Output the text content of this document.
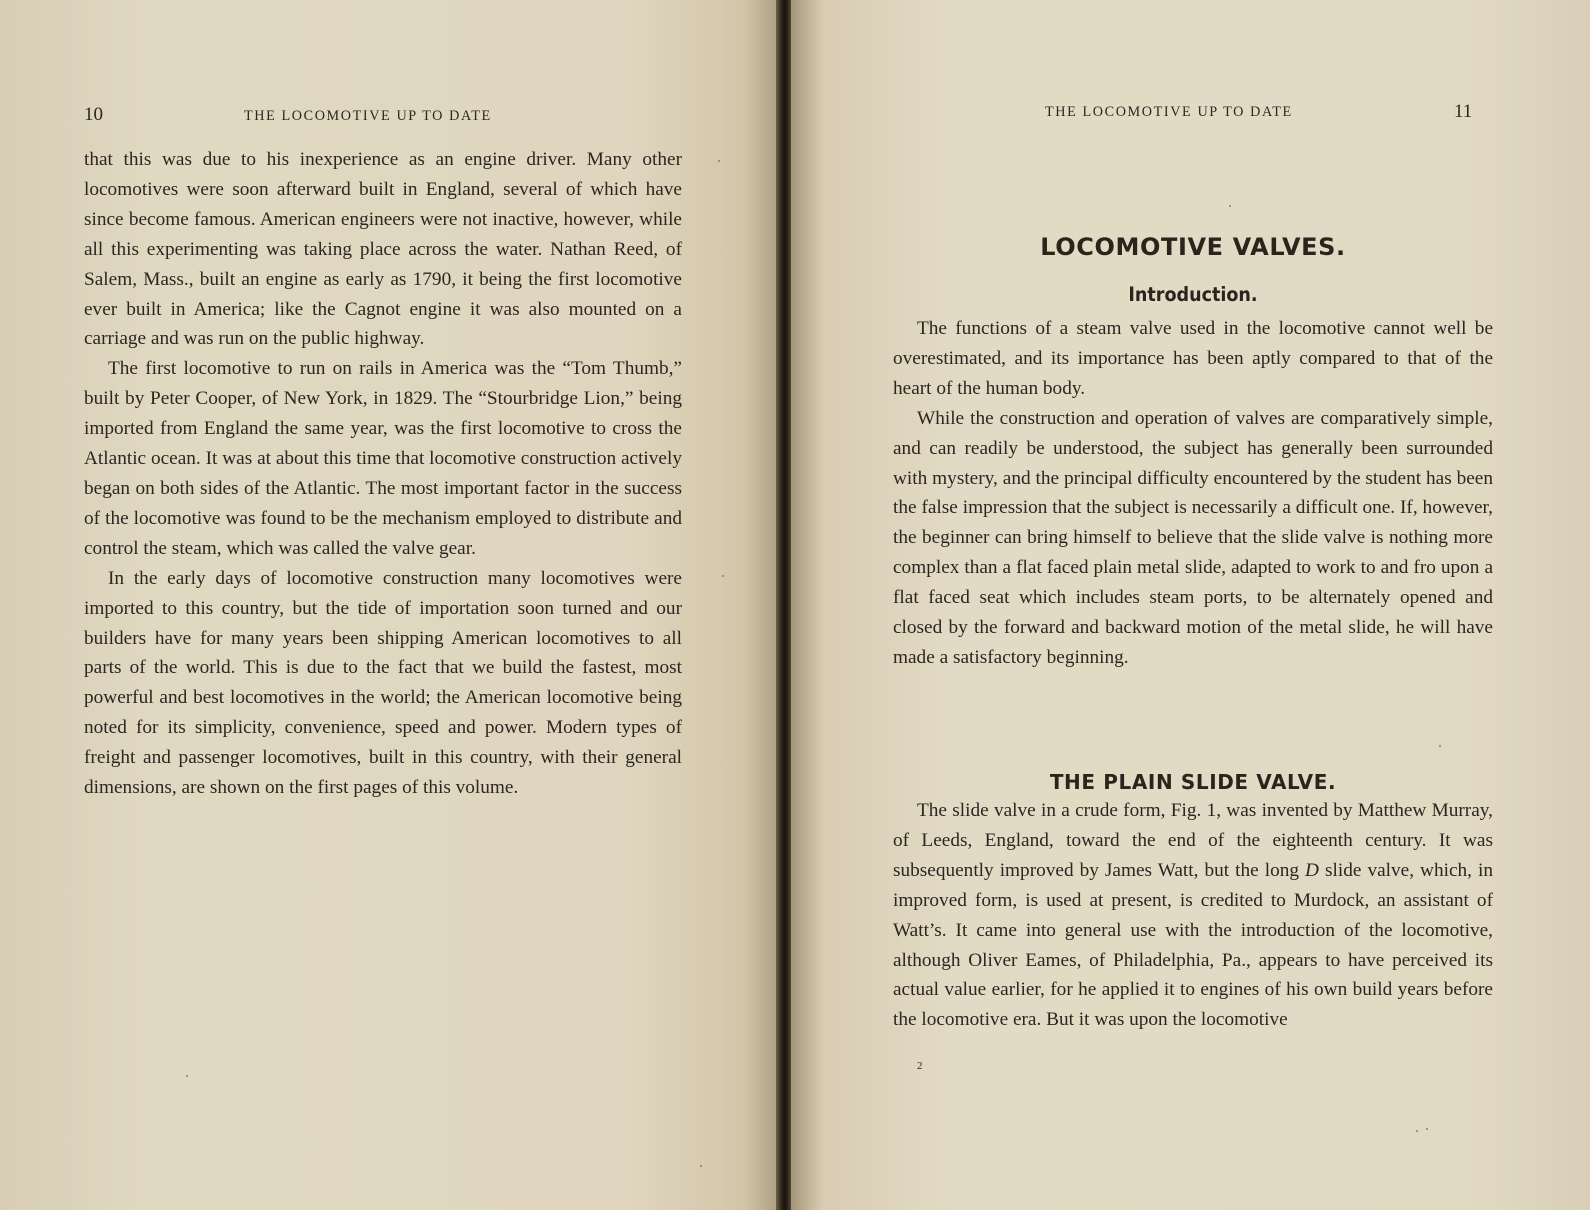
10	THE LOCOMOTIVE UP TO DATE

that this was due to his inexperience as an engine driver. Many other locomotives were soon afterward built in England, several of which have since become famous. American engineers were not inactive, however, while all this experimenting was taking place across the water. Nathan Reed, of Salem, Mass., built an engine as early as 1790, it being the first locomotive ever built in America; like the Cagnot engine it was also mounted on a carriage and was run on the public highway.

The first locomotive to run on rails in America was the “Tom Thumb,” built by Peter Cooper, of New York, in 1829. The “Stourbridge Lion,” being imported from England the same year, was the first locomotive to cross the Atlantic ocean. It was at about this time that locomotive construction actively began on both sides of the Atlantic. The most important factor in the success of the locomotive was found to be the mechanism employed to distribute and control the steam, which was called the valve gear.

In the early days of locomotive construction many locomotives were imported to this country, but the tide of importation soon turned and our builders have for many years been shipping American locomotives to all parts of the world. This is due to the fact that we build the fastest, most powerful and best locomotives in the world; the American locomotive being noted for its simplicity, convenience, speed and power. Modern types of freight and passenger locomotives, built in this country, with their general dimensions, are shown on the first pages of this volume.

THE LOCOMOTIVE UP TO DATE	11
LOCOMOTIVE VALVES.
Introduction.

The functions of a steam valve used in the locomotive cannot well be overestimated, and its importance has been aptly compared to that of the heart of the human body.

While the construction and operation of valves are comparatively simple, and can readily be understood, the subject has generally been surrounded with mystery, and the principal difficulty encountered by the student has been the false impression that the subject is necessarily a difficult one. If, however, the beginner can bring himself to believe that the slide valve is nothing more complex than a flat faced plain metal slide, adapted to work to and fro upon a flat faced seat which includes steam ports, to be alternately opened and closed by the forward and backward motion of the metal slide, he will have made a satisfactory beginning.

THE PLAIN SLIDE VALVE.

The slide valve in a crude form, Fig. 1, was invented by Matthew Murray, of Leeds, England, toward the end of the eighteenth century. It was subsequently improved by James Watt, but the long D slide valve, which, in improved form, is used at present, is credited to Murdock, an assistant of Watt’s. It came into general use with the introduction of the locomotive, although Oliver Eames, of Philadelphia, Pa., appears to have perceived its actual value earlier, for he applied it to engines of his own build years before the locomotive era. But it was upon the locomotive

2
